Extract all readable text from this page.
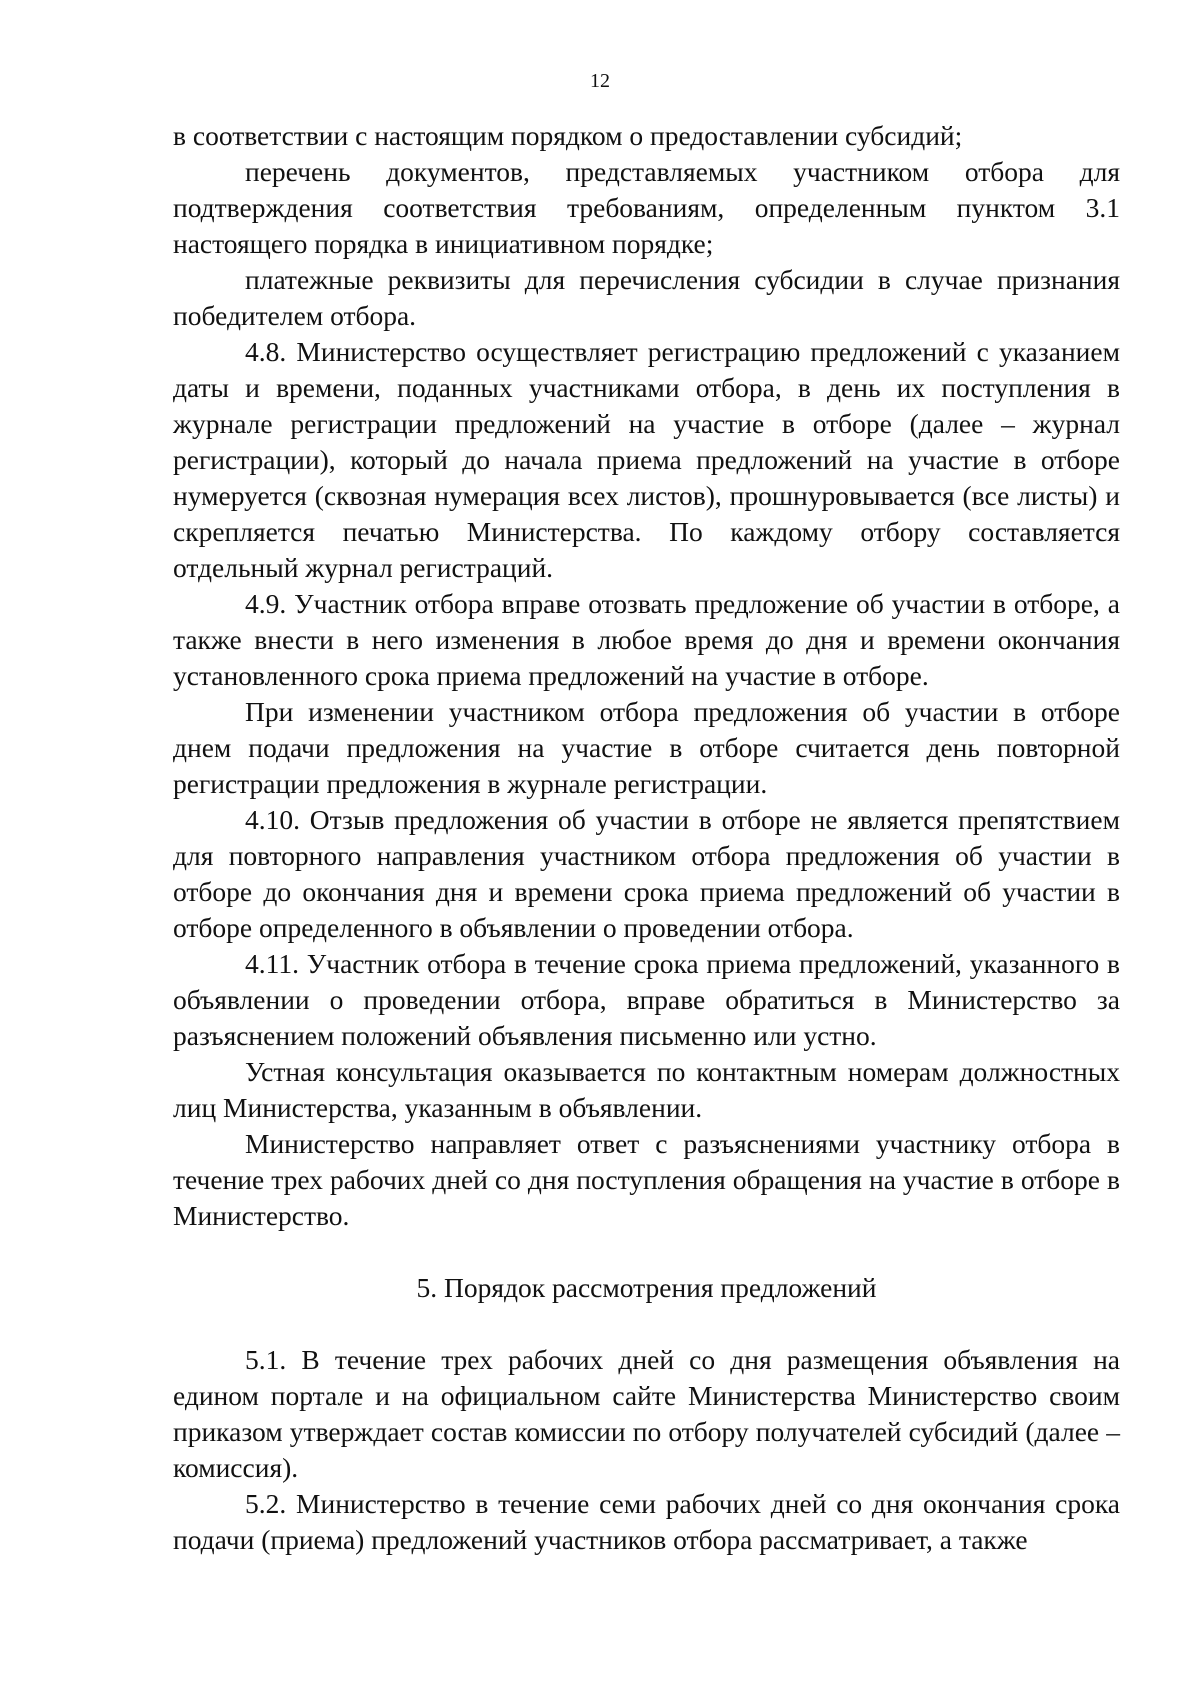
12

в соответствии с настоящим порядком о предоставлении субсидий;

перечень документов, представляемых участником отбора для подтверждения соответствия требованиям, определенным пунктом 3.1 настоящего порядка в инициативном порядке;

платежные реквизиты для перечисления субсидии в случае признания победителем отбора.

4.8. Министерство осуществляет регистрацию предложений с указанием даты и времени, поданных участниками отбора, в день их поступления в журнале регистрации предложений на участие в отборе (далее – журнал регистрации), который до начала приема предложений на участие в отборе нумеруется (сквозная нумерация всех листов), прошнуровывается (все листы) и скрепляется печатью Министерства. По каждому отбору составляется отдельный журнал регистраций.

4.9. Участник отбора вправе отозвать предложение об участии в отборе, а также внести в него изменения в любое время до дня и времени окончания установленного срока приема предложений на участие в отборе.

При изменении участником отбора предложения об участии в отборе днем подачи предложения на участие в отборе считается день повторной регистрации предложения в журнале регистрации.

4.10. Отзыв предложения об участии в отборе не является препятствием для повторного направления участником отбора предложения об участии в отборе до окончания дня и времени срока приема предложений об участии в отборе определенного в объявлении о проведении отбора.

4.11. Участник отбора в течение срока приема предложений, указанного в объявлении о проведении отбора, вправе обратиться в Министерство за разъяснением положений объявления письменно или устно.

Устная консультация оказывается по контактным номерам должностных лиц Министерства, указанным в объявлении.

Министерство направляет ответ с разъяснениями участнику отбора в течение трех рабочих дней со дня поступления обращения на участие в отборе в Министерство.

5. Порядок рассмотрения предложений

5.1. В течение трех рабочих дней со дня размещения объявления на едином портале и на официальном сайте Министерства Министерство своим приказом утверждает состав комиссии по отбору получателей субсидий (далее – комиссия).

5.2. Министерство в течение семи рабочих дней со дня окончания срока подачи (приема) предложений участников отбора рассматривает, а также
